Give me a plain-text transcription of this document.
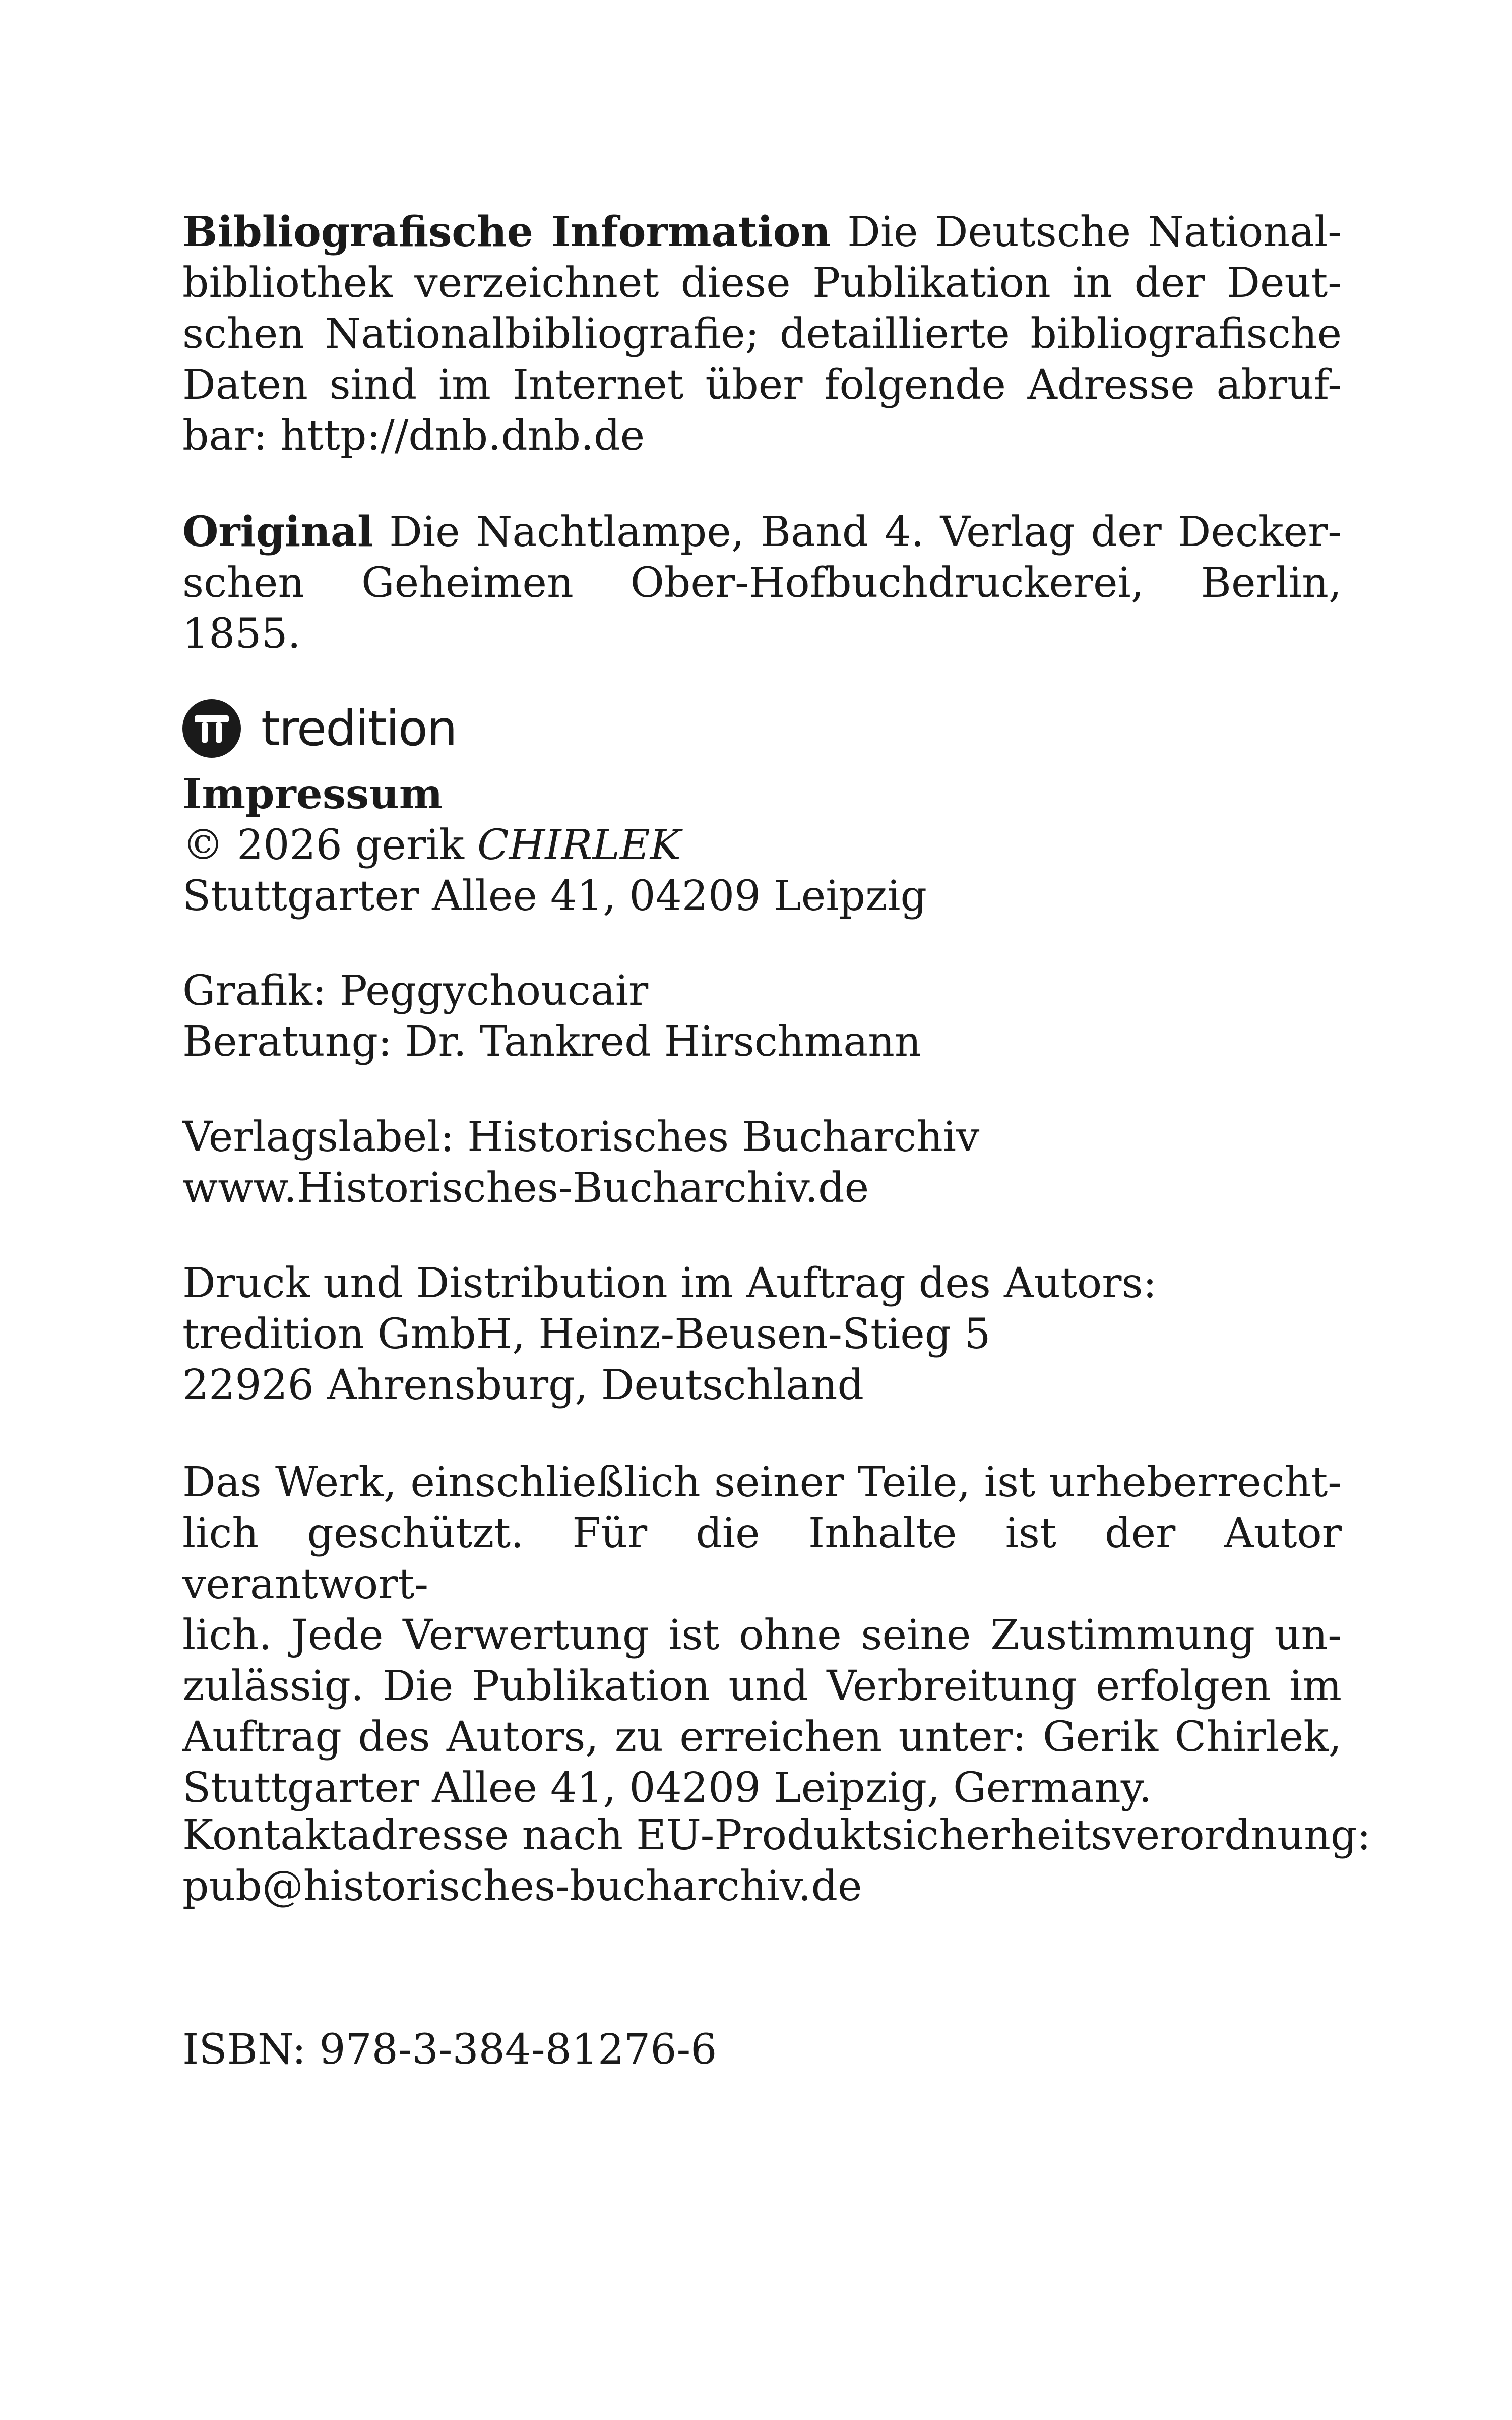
Bibliografische Information Die Deutsche National-
bibliothek verzeichnet diese Publikation in der Deut-
schen Nationalbibliografie; detaillierte bibliografische
Daten sind im Internet über folgende Adresse abruf-
bar: http://dnb.dnb.de
Original Die Nachtlampe, Band 4. Verlag der Decker-
schen Geheimen Ober-Hofbuchdruckerei, Berlin, 1855.
tredition
Impressum
© 2026 gerik CHIRLEK
Stuttgarter Allee 41, 04209 Leipzig
Grafik: Peggychoucair
Beratung: Dr. Tankred Hirschmann
Verlagslabel: Historisches Bucharchiv
www.Historisches-Bucharchiv.de
Druck und Distribution im Auftrag des Autors:
tredition GmbH, Heinz-Beusen-Stieg 5
22926 Ahrensburg, Deutschland
Das Werk, einschließlich seiner Teile, ist urheberrecht-
lich geschützt. Für die Inhalte ist der Autor verantwort-
lich. Jede Verwertung ist ohne seine Zustimmung un-
zulässig. Die Publikation und Verbreitung erfolgen im
Auftrag des Autors, zu erreichen unter: Gerik Chirlek,
Stuttgarter Allee 41, 04209 Leipzig, Germany.
Kontaktadresse nach EU-Produktsicherheitsverordnung:
pub@historisches-bucharchiv.de
ISBN: 978-3-384-81276-6
